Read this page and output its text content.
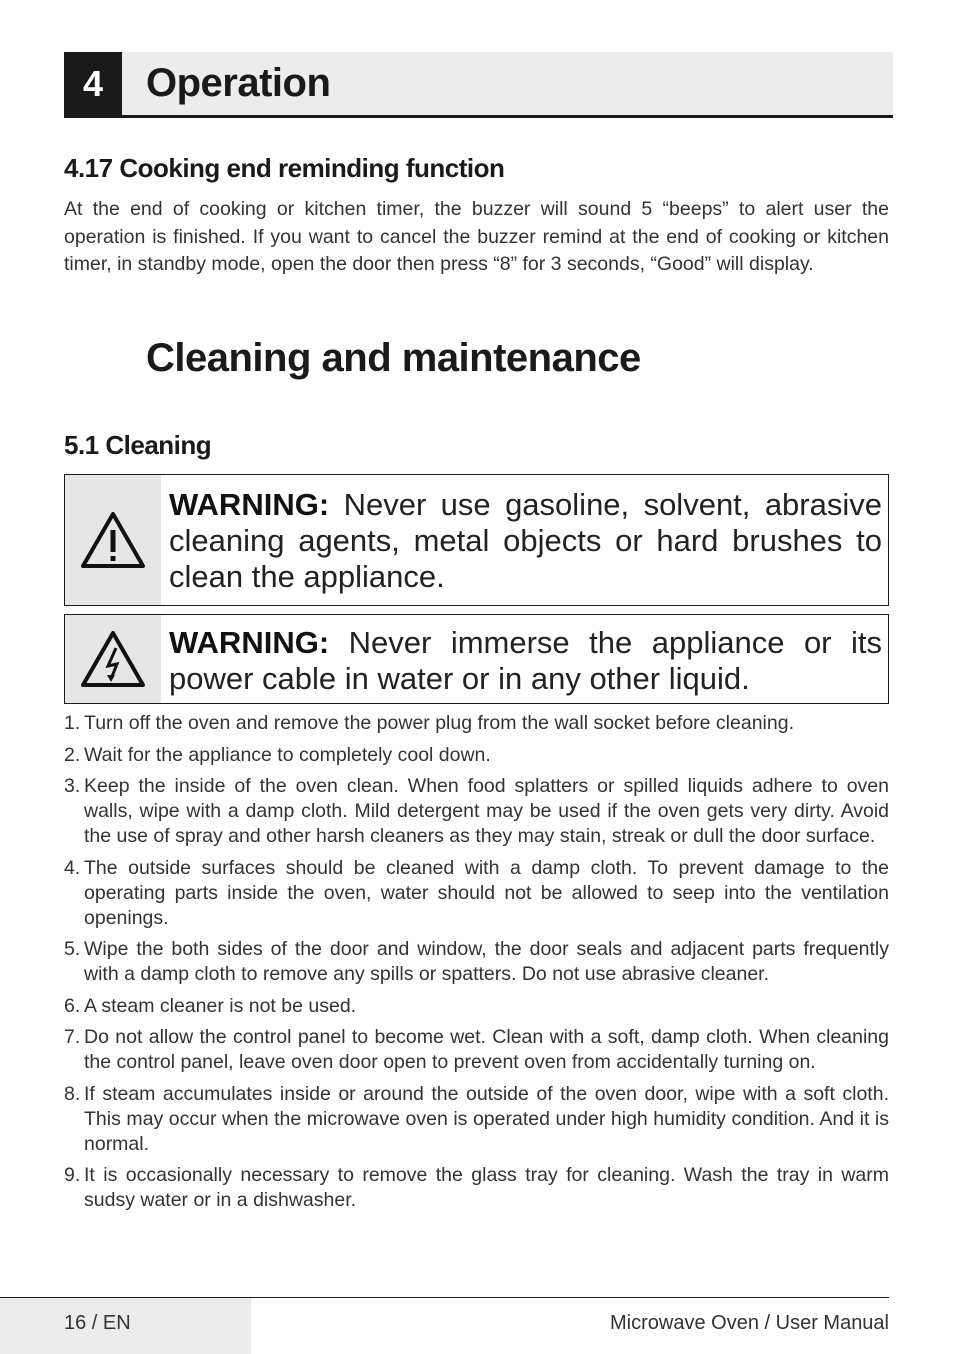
4	Operation
4.17 Cooking end reminding function

At the end of cooking or kitchen timer, the buzzer will sound 5 “beeps” to alert user the operation is finished. If you want to cancel the buzzer remind at the end of cooking or kitchen timer, in standby mode, open the door then press “8” for 3 seconds, “Good” will display.

Cleaning and maintenance
5.1 Cleaning

WARNING: Never use gasoline, solvent, abrasive cleaning agents, metal objects or hard brushes to clean the appliance.

WARNING: Never immerse the appliance or its power cable in water or in any other liquid.

1. Turn off the oven and remove the power plug from the wall socket before cleaning.
2. Wait for the appliance to completely cool down.
3. Keep the inside of the oven clean. When food splatters or spilled liquids adhere to oven walls, wipe with a damp cloth. Mild detergent may be used if the oven gets very dirty. Avoid the use of spray and other harsh cleaners as they may stain, streak or dull the door surface.
4. The outside surfaces should be cleaned with a damp cloth. To prevent damage to the operating parts inside the oven, water should not be allowed to seep into the ventilation openings.
5. Wipe the both sides of the door and window, the door seals and adjacent parts frequently with a damp cloth to remove any spills or spatters. Do not use abrasive cleaner.
6. A steam cleaner is not be used.
7. Do not allow the control panel to become wet. Clean with a soft, damp cloth. When cleaning the control panel, leave oven door open to prevent oven from accidentally turning on.
8. If steam accumulates inside or around the outside of the oven door, wipe with a soft cloth. This may occur when the microwave oven is operated under high humidity condition. And it is normal.
9. It is occasionally necessary to remove the glass tray for cleaning. Wash the tray in warm sudsy water or in a dishwasher.
16 / EN	Microwave Oven / User Manual
